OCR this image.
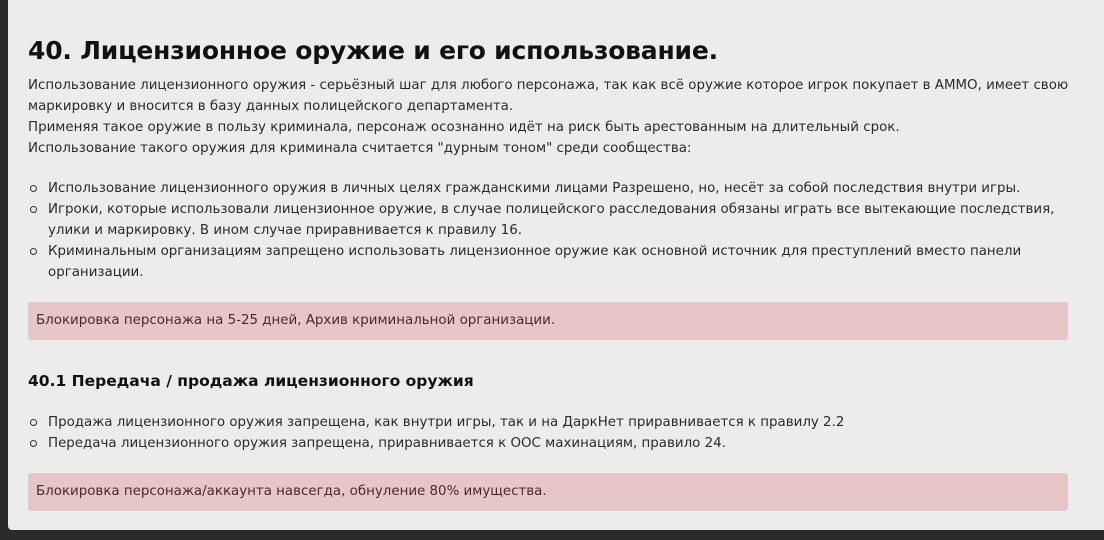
40. Лицензионное оружие и его использование.

Использование лицензионного оружия - серьёзный шаг для любого персонажа, так как всё оружие которое игрок покупает в AMMO, имеет свою маркировку и вносится в базу данных полицейского департамента.

Применяя такое оружие в пользу криминала, персонаж осознанно идёт на риск быть арестованным на длительный срок.

Использование такого оружия для криминала считается "дурным тоном" среди сообщества:

Использование лицензионного оружия в личных целях гражданскими лицами Разрешено, но, несёт за собой последствия внутри игры.
Игроки, которые использовали лицензионное оружие, в случае полицейского расследования обязаны играть все вытекающие последствия, улики и маркировку. В ином случае приравнивается к правилу 16.
Криминальным организациям запрещено использовать лицензионное оружие как основной источник для преступлений вместо панели организации.
Блокировка персонажа на 5-25 дней, Архив криминальной организации.
40.1 Передача / продажа лицензионного оружия
Продажа лицензионного оружия запрещена, как внутри игры, так и на ДаркНет приравнивается к правилу 2.2
Передача лицензионного оружия запрещена, приравнивается к ООС махинациям, правило 24.
Блокировка персонажа/аккаунта навсегда, обнуление 80% имущества.
